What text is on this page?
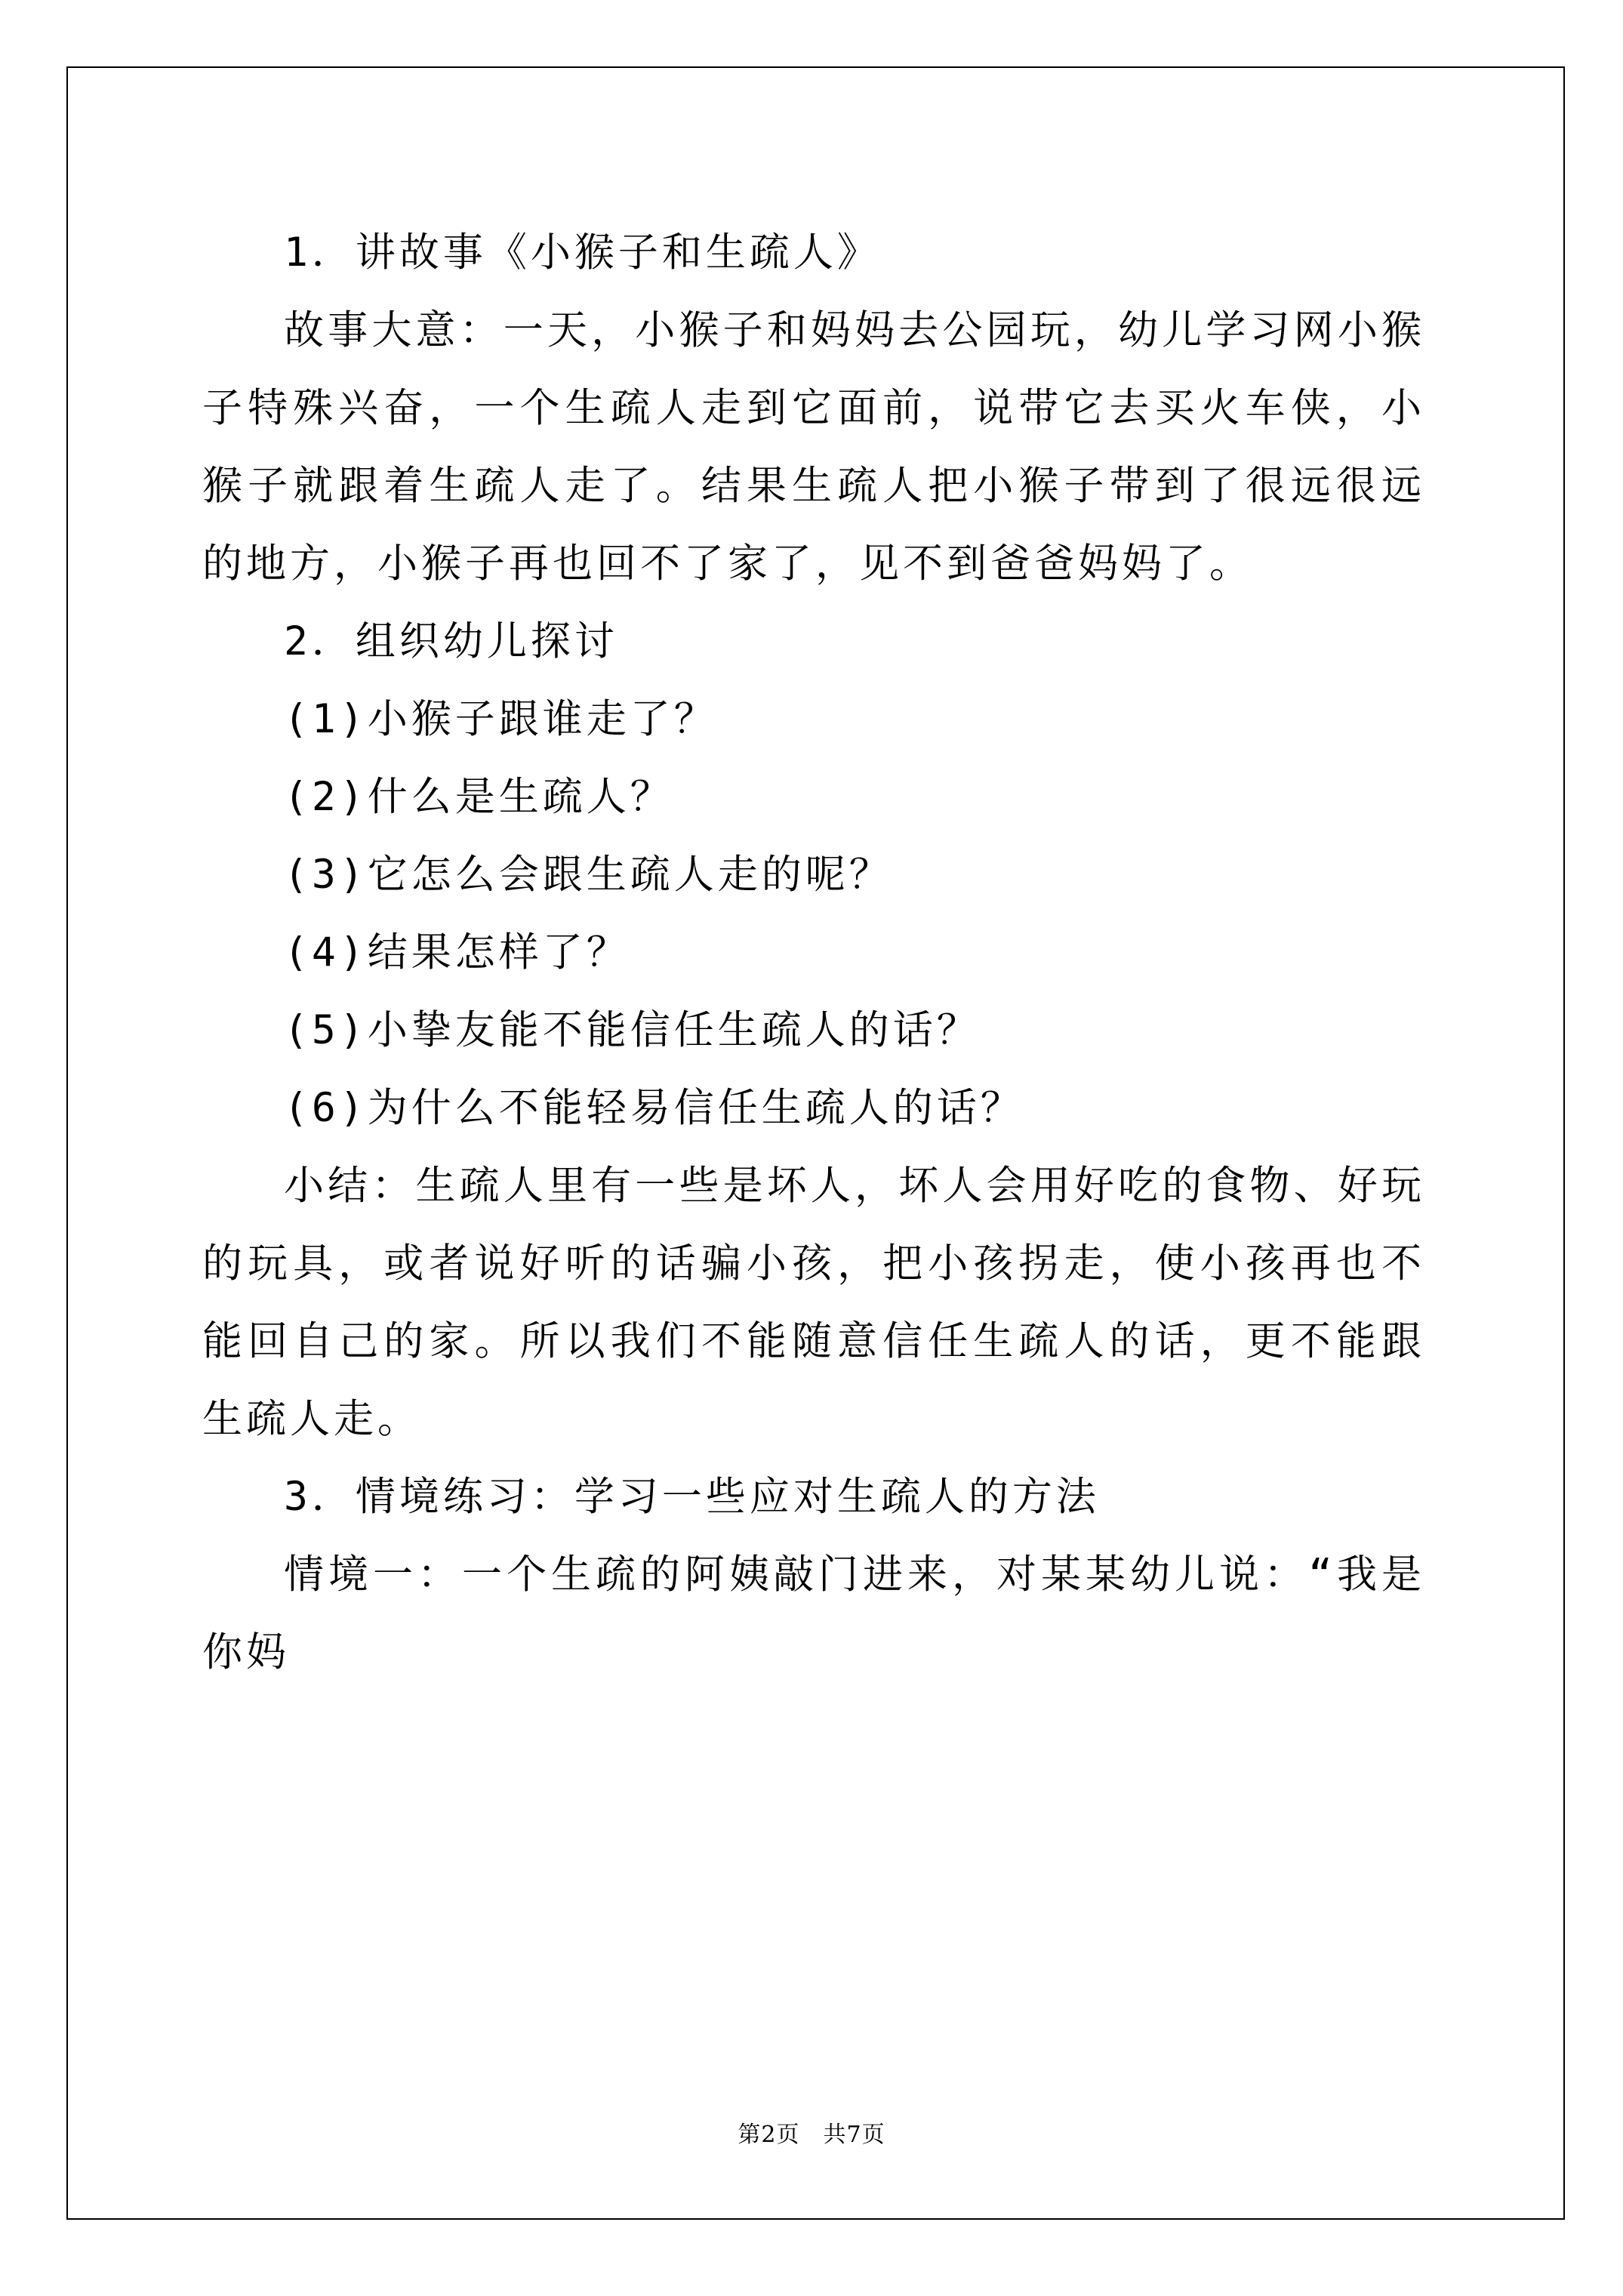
1．讲故事《小猴子和生疏人》

故事大意：一天，小猴子和妈妈去公园玩，幼儿学习网小猴子特殊兴奋，一个生疏人走到它面前，说带它去买火车侠，小猴子就跟着生疏人走了。结果生疏人把小猴子带到了很远很远的地方，小猴子再也回不了家了，见不到爸爸妈妈了。

2．组织幼儿探讨

(1)小猴子跟谁走了？

(2)什么是生疏人？

(3)它怎么会跟生疏人走的呢？

(4)结果怎样了？

(5)小挚友能不能信任生疏人的话？

(6)为什么不能轻易信任生疏人的话？

小结：生疏人里有一些是坏人，坏人会用好吃的食物、好玩的玩具，或者说好听的话骗小孩，把小孩拐走，使小孩再也不能回自己的家。所以我们不能随意信任生疏人的话，更不能跟生疏人走。

3．情境练习：学习一些应对生疏人的方法

情境一：一个生疏的阿姨敲门进来，对某某幼儿说：“我是你妈

第2页　共7页
